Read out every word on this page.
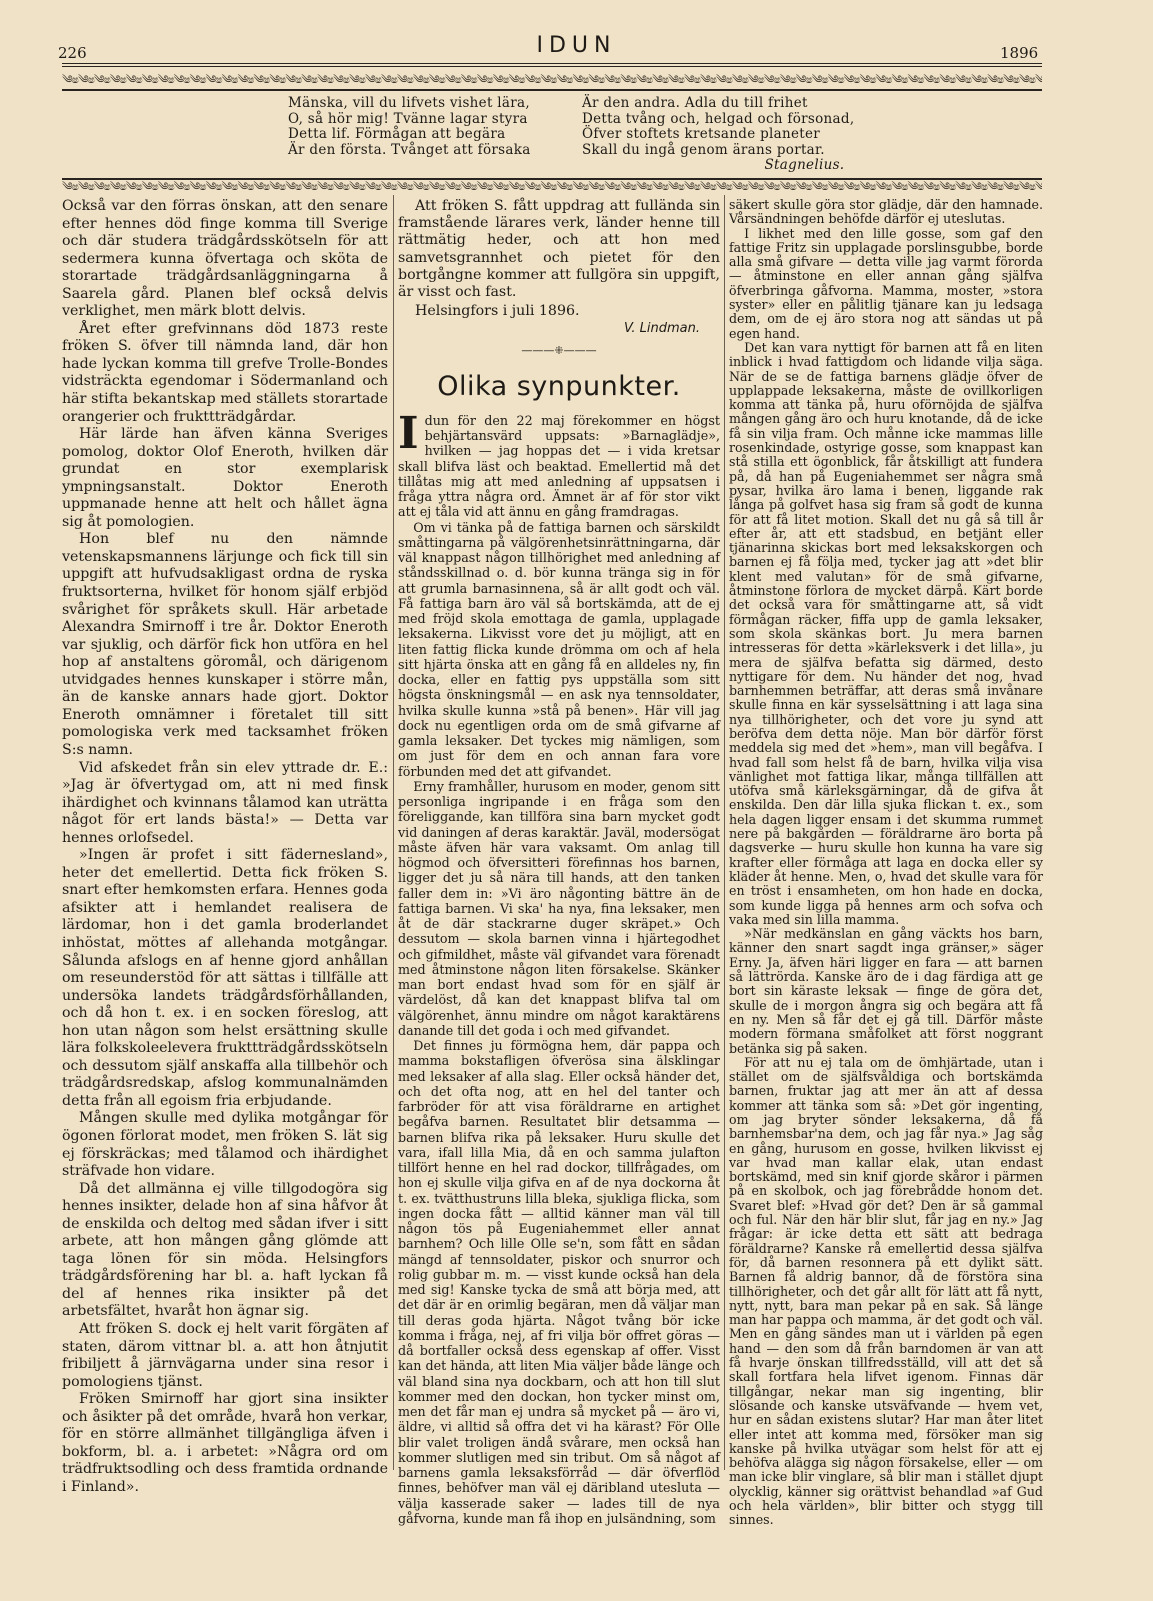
226	IDUN	1896
༄ෂ༄ෂ༄ෂ༄ෂ༄ෂ༄ෂ༄ෂ༄ෂ༄ෂ༄ෂ༄ෂ༄ෂ༄ෂ༄ෂ༄ෂ༄ෂ༄ෂ༄ෂ༄ෂ༄ෂ༄ෂ༄ෂ༄ෂ༄ෂ༄ෂ༄ෂ༄ෂ༄ෂ༄ෂ༄ෂ༄ෂ༄ෂ༄ෂ༄ෂ༄ෂ༄ෂ༄ෂ༄ෂ༄ෂ༄ෂ༄ෂ༄ෂ༄ෂ༄ෂ༄ෂ༄ෂ༄ෂ༄ෂ༄ෂ༄ෂ༄ෂ༄ෂ༄ෂ༄ෂ༄ෂ༄ෂ༄ෂ༄ෂ༄ෂ༄ෂ༄ෂ༄ෂ༄ෂ༄ෂ
Mänska, vill du lifvets vishet lära,
O, så hör mig! Tvänne lagar styra
Detta lif. Förmågan att begära
Är den första. Tvånget att försaka
Är den andra. Adla du till frihet
Detta tvång och, helgad och försonad,
Öfver stoftets kretsande planeter
Skall du ingå genom ärans portar.
Stagnelius.
༄ෂ༄ෂ༄ෂ༄ෂ༄ෂ༄ෂ༄ෂ༄ෂ༄ෂ༄ෂ༄ෂ༄ෂ༄ෂ༄ෂ༄ෂ༄ෂ༄ෂ༄ෂ༄ෂ༄ෂ༄ෂ༄ෂ༄ෂ༄ෂ༄ෂ༄ෂ༄ෂ༄ෂ༄ෂ༄ෂ༄ෂ༄ෂ༄ෂ༄ෂ༄ෂ༄ෂ༄ෂ༄ෂ༄ෂ༄ෂ༄ෂ༄ෂ༄ෂ༄ෂ༄ෂ༄ෂ༄ෂ༄ෂ༄ෂ༄ෂ༄ෂ༄ෂ༄ෂ༄ෂ༄ෂ༄ෂ༄ෂ༄ෂ༄ෂ༄ෂ༄ෂ༄ෂ༄ෂ༄ෂ

Också var den förras önskan, att den senare efter hennes död finge komma till Sverige och där studera trädgårdsskötseln för att sedermera kunna öfvertaga och sköta de storartade trädgårdsanläggningarna å Saarela gård. Planen blef också delvis verklighet, men märk blott delvis.

Året efter grefvinnans död 1873 reste fröken S. öfver till nämnda land, där hon hade lyckan komma till grefve Trolle-Bondes vidsträckta egendomar i Södermanland och här stifta bekantskap med ställets storartade orangerier och frukttträdgårdar.

Här lärde han äfven känna Sveriges pomolog, doktor Olof Eneroth, hvilken där grundat en stor exemplarisk ympningsanstalt. Doktor Eneroth uppmanade henne att helt och hållet ägna sig åt pomologien.

Hon blef nu den nämnde vetenskapsmannens lärjunge och fick till sin uppgift att hufvudsakligast ordna de ryska fruktsorterna, hvilket för honom själf erbjöd svårighet för språkets skull. Här arbetade Alexandra Smirnoff i tre år. Doktor Eneroth var sjuklig, och därför fick hon utföra en hel hop af anstaltens göromål, och därigenom utvidgades hennes kunskaper i större mån, än de kanske annars hade gjort. Doktor Eneroth omnämner i företalet till sitt pomologiska verk med tacksamhet fröken S:s namn.

Vid afskedet från sin elev yttrade dr. E.: »Jag är öfvertygad om, att ni med finsk ihärdighet och kvinnans tålamod kan uträtta något för ert lands bästa!» — Detta var hennes orlofsedel.

»Ingen är profet i sitt fädernesland», heter det emellertid. Detta fick fröken S. snart efter hemkomsten erfara. Hennes goda afsikter att i hemlandet realisera de lärdomar, hon i det gamla broderlandet inhöstat, möttes af allehanda motgångar. Sålunda afslogs en af henne gjord anhållan om reseunderstöd för att sättas i tillfälle att undersöka landets trädgårdsförhållanden, och då hon t. ex. i en socken föreslog, att hon utan någon som helst ersättning skulle lära folkskoleelevera frukttträdgårdsskötseln och dessutom själf anskaffa alla tillbehör och trädgårdsredskap, afslog kommunalnämden detta från all egoism fria erbjudande.

Mången skulle med dylika motgångar för ögonen förlorat modet, men fröken S. lät sig ej förskräckas; med tålamod och ihärdighet sträfvade hon vidare.

Då det allmänna ej ville tillgodogöra sig hennes insikter, delade hon af sina håfvor åt de enskilda och deltog med sådan ifver i sitt arbete, att hon mången gång glömde att taga lönen för sin möda. Helsingfors trädgårdsförening har bl. a. haft lyckan få del af hennes rika insikter på det arbetsfältet, hvaråt hon ägnar sig.

Att fröken S. dock ej helt varit förgäten af staten, därom vittnar bl. a. att hon åtnjutit fribiljett å järnvägarna under sina resor i pomologiens tjänst.

Fröken Smirnoff har gjort sina insikter och åsikter på det område, hvarå hon verkar, för en större allmänhet tillgängliga äfven i bokform, bl. a. i arbetet: »Några ord om trädfruktsodling och dess framtida ordnande i Finland».

Att fröken S. fått uppdrag att fullända sin framstående lärares verk, länder henne till rättmätig heder, och att hon med samvetsgrannhet och pietet för den bortgångne kommer att fullgöra sin uppgift, är visst och fast.

Helsingfors i juli 1896.

V. Lindman.
———⁜———
Olika synpunkter.

Idun för den 22 maj förekommer en högst behjärtansvärd uppsats: »Barnaglädje», hvilken — jag hoppas det — i vida kretsar skall blifva läst och beaktad. Emellertid må det tillåtas mig att med anledning af uppsatsen i fråga yttra några ord. Ämnet är af för stor vikt att ej tåla vid att ännu en gång framdragas.

Om vi tänka på de fattiga barnen och särskildt småttingarna på välgörenhetsinrättningarna, där väl knappast någon tillhörighet med anledning af ståndsskillnad o. d. bör kunna tränga sig in för att grumla barnasinnena, så är allt godt och väl. Få fattiga barn äro väl så bortskämda, att de ej med fröjd skola emottaga de gamla, upplagade leksakerna. Likvisst vore det ju möjligt, att en liten fattig flicka kunde drömma om och af hela sitt hjärta önska att en gång få en alldeles ny, fin docka, eller en fattig pys uppställa som sitt högsta önskningsmål — en ask nya tennsoldater, hvilka skulle kunna »stå på benen». Här vill jag dock nu egentligen orda om de små gifvarne af gamla leksaker. Det tyckes mig nämligen, som om just för dem en och annan fara vore förbunden med det att gifvandet.

Erny framhåller, hurusom en moder, genom sitt personliga ingripande i en fråga som den föreliggande, kan tillföra sina barn mycket godt vid daningen af deras karaktär. Javäl, modersögat måste äfven här vara vaksamt. Om anlag till högmod och öfversitteri förefinnas hos barnen, ligger det ju så nära till hands, att den tanken faller dem in: »Vi äro någonting bättre än de fattiga barnen. Vi ska' ha nya, fina leksaker, men åt de där stackrarne duger skräpet.» Och dessutom — skola barnen vinna i hjärtegodhet och gifmildhet, måste väl gifvandet vara förenadt med åtminstone någon liten försakelse. Skänker man bort endast hvad som för en själf är värdelöst, då kan det knappast blifva tal om välgörenhet, ännu mindre om något karaktärens danande till det goda i och med gifvandet.

Det finnes ju förmögna hem, där pappa och mamma bokstafligen öfverösa sina älsklingar med leksaker af alla slag. Eller också händer det, och det ofta nog, att en hel del tanter och farbröder för att visa föräldrarne en artighet begåfva barnen. Resultatet blir detsamma — barnen blifva rika på leksaker. Huru skulle det vara, ifall lilla Mia, då en och samma julafton tillfört henne en hel rad dockor, tillfrågades, om hon ej skulle vilja gifva en af de nya dockorna åt t. ex. tvätthustruns lilla bleka, sjukliga flicka, som ingen docka fått — alltid känner man väl till någon tös på Eugeniahemmet eller annat barnhem? Och lille Olle se'n, som fått en sådan mängd af tennsoldater, piskor och snurror och rolig gubbar m. m. — visst kunde också han dela med sig! Kanske tycka de små att börja med, att det där är en orimlig begäran, men då väljar man till deras goda hjärta. Något tvång bör icke komma i fråga, nej, af fri vilja bör offret göras — då bortfaller också dess egenskap af offer. Visst kan det hända, att liten Mia väljer både länge och väl bland sina nya dockbarn, och att hon till slut kommer med den dockan, hon tycker minst om, men det får man ej undra så mycket på — äro vi, äldre, vi alltid så offra det vi ha kärast? För Olle blir valet troligen ändå svårare, men också han kommer slutligen med sin tribut. Om så något af barnens gamla leksaksförråd — där öfverflöd finnes, behöfver man väl ej däribland utesluta — välja kasserade saker — lades till de nya gåfvorna, kunde man få ihop en julsändning, som

säkert skulle göra stor glädje, där den hamnade. Vårsändningen behöfde därför ej uteslutas.

I likhet med den lille gosse, som gaf den fattige Fritz sin upplagade porslinsgubbe, borde alla små gifvare — detta ville jag varmt förorda — åtminstone en eller annan gång själfva öfverbringa gåfvorna. Mamma, moster, »stora syster» eller en pålitlig tjänare kan ju ledsaga dem, om de ej äro stora nog att sändas ut på egen hand.

Det kan vara nyttigt för barnen att få en liten inblick i hvad fattigdom och lidande vilja säga. När de se de fattiga barnens glädje öfver de upplappade leksakerna, måste de ovillkorligen komma att tänka på, huru oförnöjda de själfva mången gång äro och huru knotande, då de icke få sin vilja fram. Och månne icke mammas lille rosenkindade, ostyrige gosse, som knappast kan stå stilla ett ögonblick, får åtskilligt att fundera på, då han på Eugeniahemmet ser några små pysar, hvilka äro lama i benen, liggande rak långa på golfvet hasa sig fram så godt de kunna för att få litet motion. Skall det nu gå så till år efter år, att ett stadsbud, en betjänt eller tjänarinna skickas bort med leksakskorgen och barnen ej få följa med, tycker jag att »det blir klent med valutan» för de små gifvarne, åtminstone förlora de mycket därpå. Kärt borde det också vara för småttingarne att, så vidt förmågan räcker, fiffa upp de gamla leksaker, som skola skänkas bort. Ju mera barnen intresseras för detta »kärleksverk i det lilla», ju mera de själfva befatta sig därmed, desto nyttigare för dem. Nu händer det nog, hvad barnhemmen beträffar, att deras små invånare skulle finna en kär sysselsättning i att laga sina nya tillhörigheter, och det vore ju synd att beröfva dem detta nöje. Man bör därför först meddela sig med det »hem», man vill begåfva. I hvad fall som helst få de barn, hvilka vilja visa vänlighet mot fattiga likar, många tillfällen att utöfva små kärleksgärningar, då de gifva åt enskilda. Den där lilla sjuka flickan t. ex., som hela dagen ligger ensam i det skumma rummet nere på bakgården — föräldrarne äro borta på dagsverke — huru skulle hon kunna ha vare sig krafter eller förmåga att laga en docka eller sy kläder åt henne. Men, o, hvad det skulle vara för en tröst i ensamheten, om hon hade en docka, som kunde ligga på hennes arm och sofva och vaka med sin lilla mamma.

»När medkänslan en gång väckts hos barn, känner den snart sagdt inga gränser,» säger Erny. Ja, äfven häri ligger en fara — att barnen så lättrörda. Kanske äro de i dag färdiga att ge bort sin käraste leksak — finge de göra det, skulle de i morgon ångra sig och begära att få en ny. Men så får det ej gå till. Därför måste modern förmana småfolket att först noggrant betänka sig på saken.

För att nu ej tala om de ömhjärtade, utan i stället om de själfsvåldiga och bortskämda barnen, fruktar jag att mer än att af dessa kommer att tänka som så: »Det gör ingenting, om jag bryter sönder leksakerna, då få barnhemsbar'na dem, och jag får nya.» Jag såg en gång, hurusom en gosse, hvilken likvisst ej var hvad man kallar elak, utan endast bortskämd, med sin knif gjorde skåror i pärmen på en skolbok, och jag förebrådde honom det. Svaret blef: »Hvad gör det? Den är så gammal och ful. När den här blir slut, får jag en ny.» Jag frågar: är icke detta ett sätt att bedraga föräldrarne? Kanske rå emellertid dessa själfva för, då barnen resonnera på ett dylikt sätt. Barnen få aldrig bannor, då de förstöra sina tillhörigheter, och det går allt för lätt att få nytt, nytt, nytt, bara man pekar på en sak. Så länge man har pappa och mamma, är det godt och väl. Men en gång sändes man ut i världen på egen hand — den som då från barndomen är van att få hvarje önskan tillfredsställd, vill att det så skall fortfara hela lifvet igenom. Finnas där tillgångar, nekar man sig ingenting, blir slösande och kanske utsväfvande — hvem vet, hur en sådan existens slutar? Har man åter litet eller intet att komma med, försöker man sig kanske på hvilka utvägar som helst för att ej behöfva alägga sig någon försakelse, eller — om man icke blir vinglare, så blir man i stället djupt olycklig, känner sig orättvist behandlad »af Gud och hela världen», blir bitter och stygg till sinnes.
